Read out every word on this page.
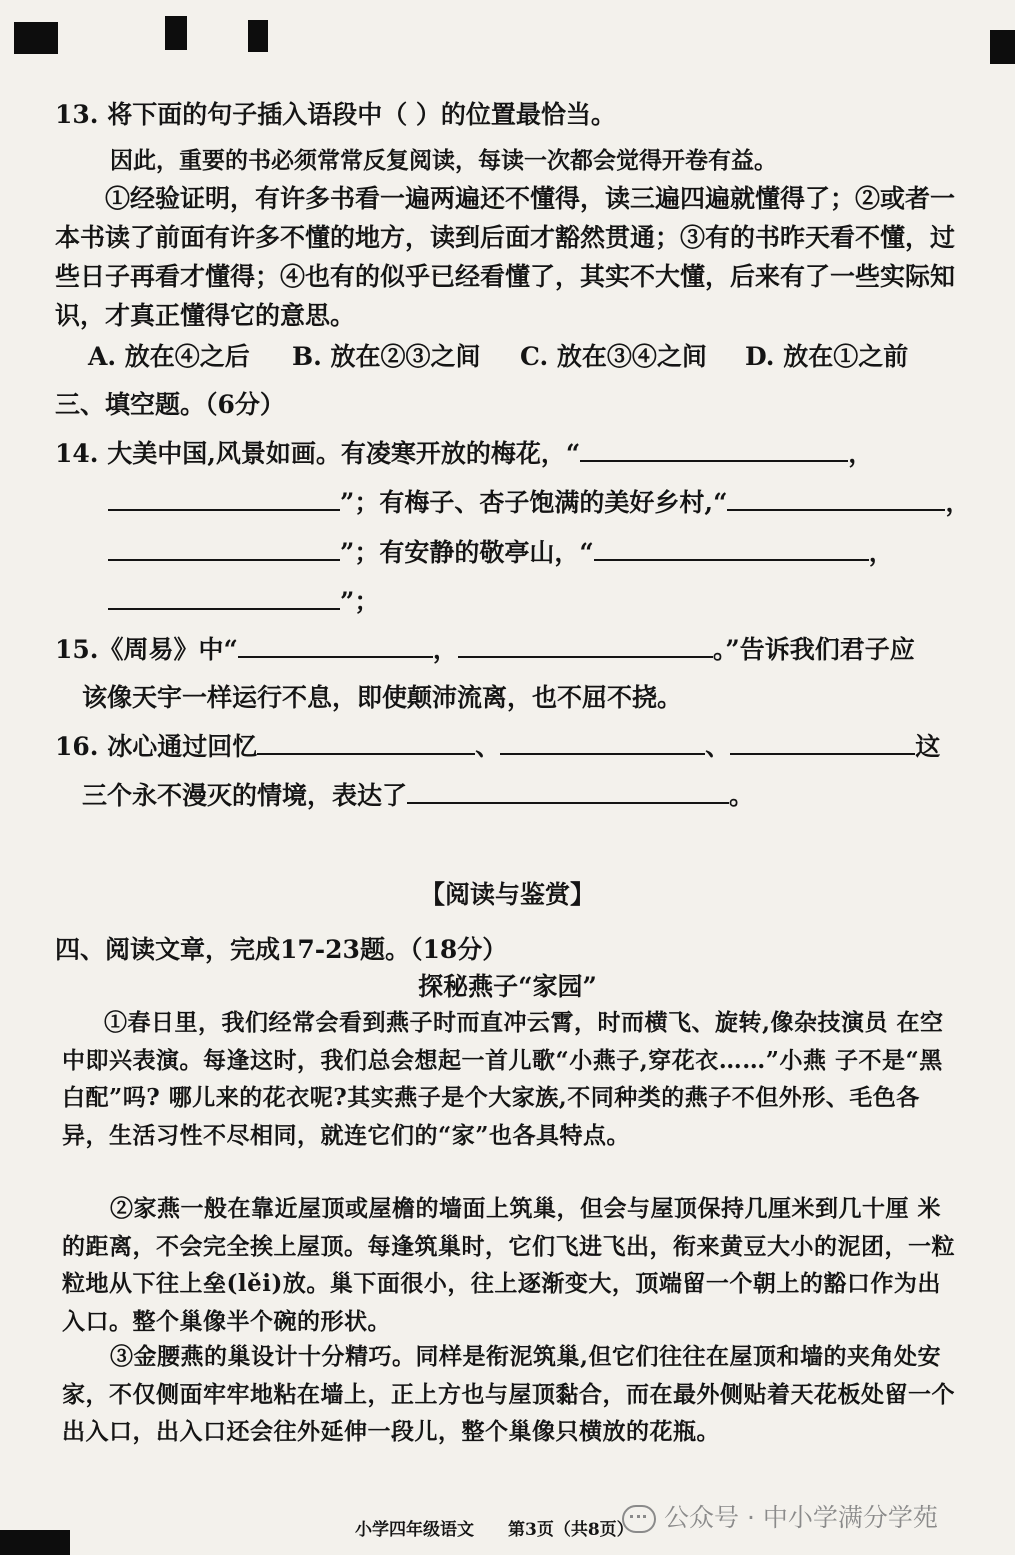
13. 将下面的句子插入语段中（ ）的位置最恰当。
因此，重要的书必须常常反复阅读，每读一次都会觉得开卷有益。
①经验证明，有许多书看一遍两遍还不懂得，读三遍四遍就懂得了；②或者一本书读了前面有许多不懂的地方，读到后面才豁然贯通；③有的书昨天看不懂，过些日子再看才懂得；④也有的似乎已经看懂了，其实不大懂，后来有了一些实际知识，才真正懂得它的意思。
A. 放在④之后 B. 放在②③之间 C. 放在③④之间 D. 放在①之前
三、填空题。（6分）
14. 大美中国,风景如画。有凌寒开放的梅花，“	，
”；有梅子、杏子饱满的美好乡村,“	，
”；有安静的敬亭山，“	，
”；
15.《周易》中“	，	。”告诉我们君子应
该像天宇一样运行不息，即使颠沛流离，也不屈不挠。
16. 冰心通过回忆	、	、	这
三个永不漫灭的情境，表达了	。
【阅读与鉴赏】
四、阅读文章，完成17-23题。（18分）
探秘燕子“家园”
①春日里，我们经常会看到燕子时而直冲云霄，时而横飞、旋转,像杂技演员 在空中即兴表演。每逢这时，我们总会想起一首儿歌“小燕子,穿花衣……”小燕 子不是“黑白配”吗? 哪儿来的花衣呢?其实燕子是个大家族,不同种类的燕子不但外形、毛色各异，生活习性不尽相同，就连它们的“家”也各具特点。
②家燕一般在靠近屋顶或屋檐的墙面上筑巢，但会与屋顶保持几厘米到几十厘 米的距离，不会完全挨上屋顶。每逢筑巢时，它们飞进飞出，衔来黄豆大小的泥团，一粒粒地从下往上垒(lěi)放。巢下面很小，往上逐渐变大，顶端留一个朝上的豁口作为出入口。整个巢像半个碗的形状。
③金腰燕的巢设计十分精巧。同样是衔泥筑巢,但它们往往在屋顶和墙的夹角处安家，不仅侧面牢牢地粘在墙上，正上方也与屋顶黏合，而在最外侧贴着天花板处留一个出入口，出入口还会往外延伸一段儿，整个巢像只横放的花瓶。
小学四年级语文　　第3页（共8页）	公众号 · 中小学满分学苑
